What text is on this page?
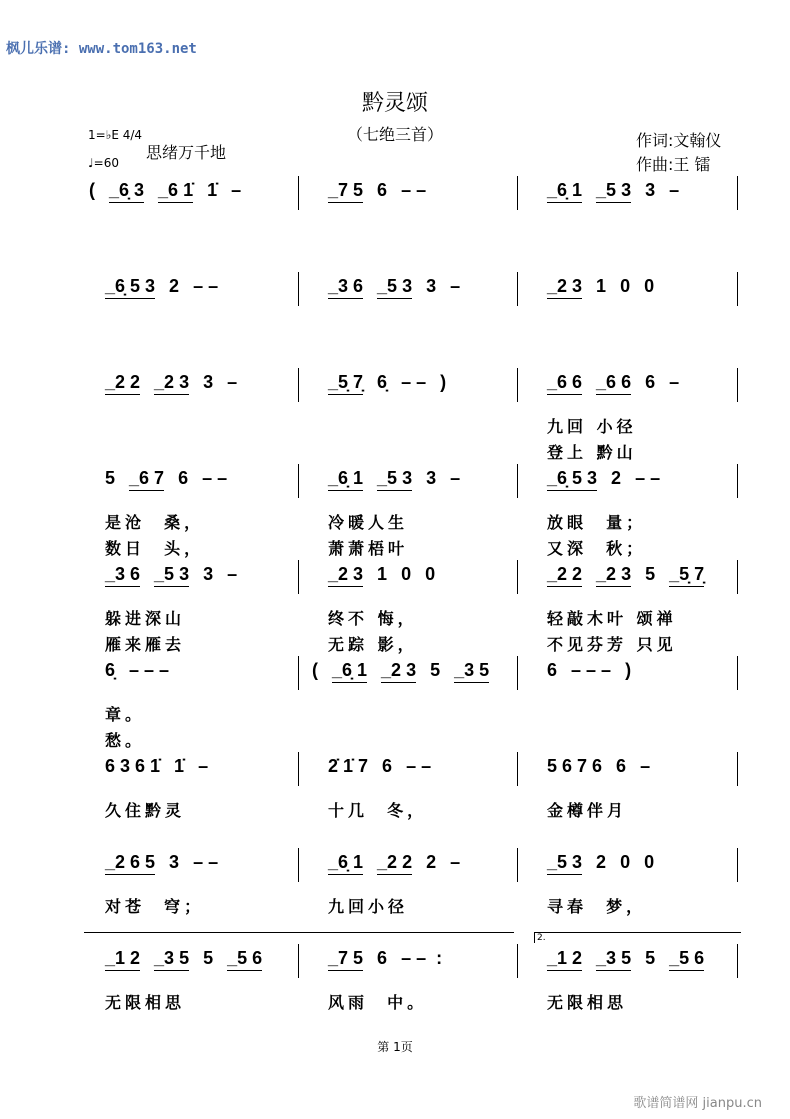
枫儿乐谱: www.tom163.net
黔灵颂
（七绝三首）
1=♭E 4/4
♩=60
思绪万千地
作词:文翰仪
作曲:王 镭
( _6̣ 3 _6 1̇ 1̇ –	_7 5 6 – –	_6̣ 1 _5 3 3 –
_6̣ 5 3 2 – –	_3 6 _5 3 3 –	_2 3 1 0 0
_2 2 _2 3 3 –	_5̣ 7̣ 6̣ – – )	_6 6 _6 6 6 –
九回 小径
登上 黔山
5 _6 7 6 – –	_6̣ 1 _5 3 3 –	_6̣ 5 3 2 – –
是沧  桑，	冷暖人生	放眼  量；
数日  头，	萧萧梧叶	又深  秋；
_3 6 _5 3 3 –	_2 3 1 0 0	_2 2 _2 3 5 _5̣ 7̣
躲进深山	终不 悔，	轻敲木叶 颂禅
雁来雁去	无踪 影，	不见芬芳 只见
6̣ – – –	( _6̣ 1 _2 3 5 _3 5	6 – – – )
章。
愁。
6 3 6 1̇ 1̇ –	2̇ 1̇ 7 6 – –	5 6 7 6 6 –
久住黔灵	十几  冬，	金樽伴月
_2 6 5 3 – –	_6̣ 1 _2 2 2 –	_5 3 2 0 0
对苍  穹；	九回小径	寻春  梦，
_1 2 _3 5 5 _5 6	_7 5 6 – –  :	_1 2 _3 5 5 _5 6
无限相思	风雨  中。	无限相思
2.
第 1页
歌谱简谱网 jianpu.cn
